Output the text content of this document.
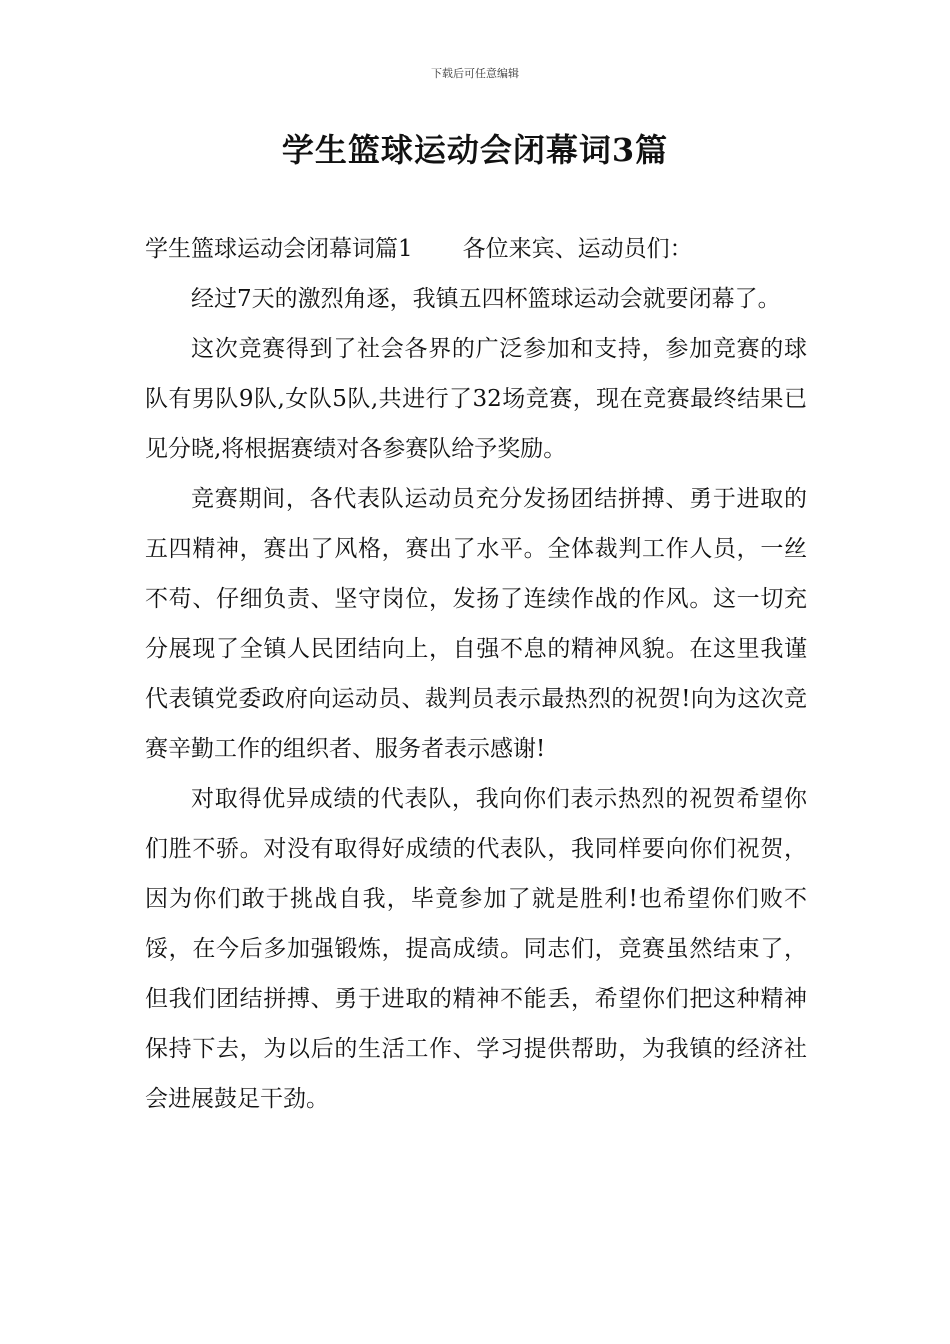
下载后可任意编辑
学生篮球运动会闭幕词3篇

学生篮球运动会闭幕词篇1 各位来宾、运动员们：

经过7天的激烈角逐，我镇五四杯篮球运动会就要闭幕了。

这次竞赛得到了社会各界的广泛参加和支持，参加竞赛的球队有男队9队,女队5队,共进行了32场竞赛，现在竞赛最终结果已见分晓,将根据赛绩对各参赛队给予奖励。

竞赛期间，各代表队运动员充分发扬团结拼搏、勇于进取的五四精神，赛出了风格，赛出了水平。全体裁判工作人员，一丝不苟、仔细负责、坚守岗位，发扬了连续作战的作风。这一切充分展现了全镇人民团结向上，自强不息的精神风貌。在这里我谨代表镇党委政府向运动员、裁判员表示最热烈的祝贺!向为这次竞赛辛勤工作的组织者、服务者表示感谢!

对取得优异成绩的代表队，我向你们表示热烈的祝贺希望你们胜不骄。对没有取得好成绩的代表队，我同样要向你们祝贺，因为你们敢于挑战自我，毕竟参加了就是胜利!也希望你们败不馁，在今后多加强锻炼，提高成绩。同志们，竞赛虽然结束了，但我们团结拼搏、勇于进取的精神不能丢，希望你们把这种精神保持下去，为以后的生活工作、学习提供帮助，为我镇的经济社会进展鼓足干劲。
